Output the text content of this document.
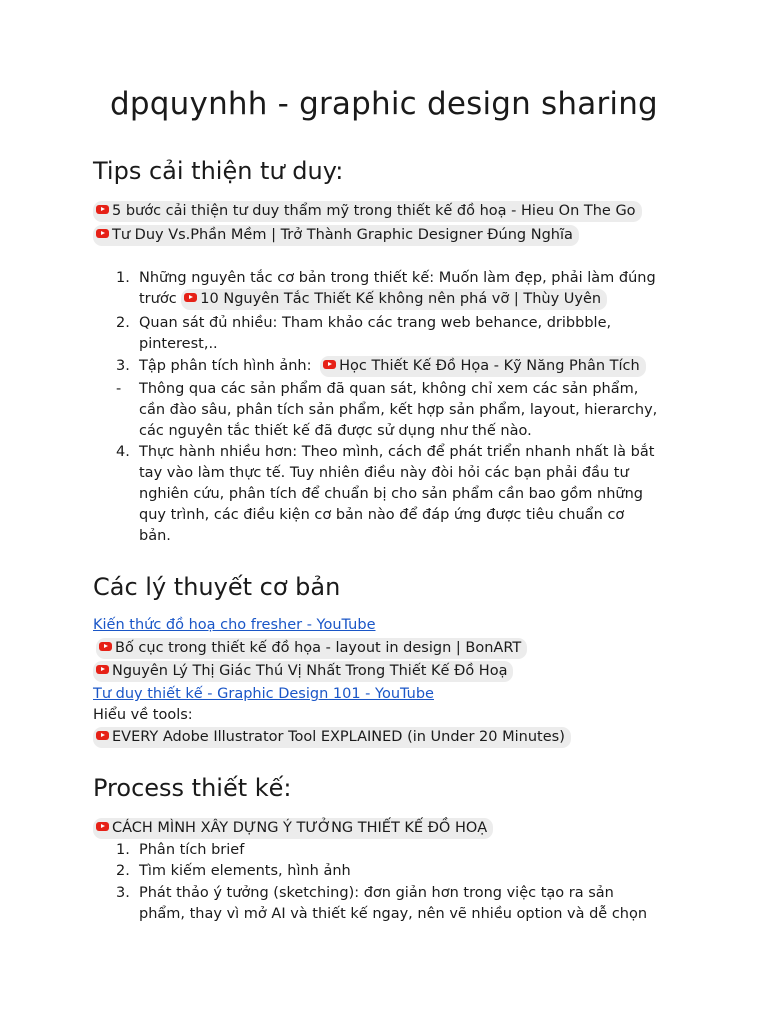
dpquynhh - graphic design sharing
Tips cải thiện tư duy:
5 bước cải thiện tư duy thẩm mỹ trong thiết kế đồ hoạ - Hieu On The Go
Tư Duy Vs.Phần Mềm | Trở Thành Graphic Designer Đúng Nghĩa
1. Những nguyên tắc cơ bản trong thiết kế: Muốn làm đẹp, phải làm đúng
trước 10 Nguyên Tắc Thiết Kế không nên phá vỡ | Thùy Uyên
2. Quan sát đủ nhiều: Tham khảo các trang web behance, dribbble,
pinterest,..
3. Tập phân tích hình ảnh: Học Thiết Kế Đồ Họa - Kỹ Năng Phân Tích
- Thông qua các sản phẩm đã quan sát, không chỉ xem các sản phẩm,
cần đào sâu, phân tích sản phẩm, kết hợp sản phẩm, layout, hierarchy,
các nguyên tắc thiết kế đã được sử dụng như thế nào.
4. Thực hành nhiều hơn: Theo mình, cách để phát triển nhanh nhất là bắt
tay vào làm thực tế. Tuy nhiên điều này đòi hỏi các bạn phải đầu tư
nghiên cứu, phân tích để chuẩn bị cho sản phẩm cần bao gồm những
quy trình, các điều kiện cơ bản nào để đáp ứng được tiêu chuẩn cơ
bản.
Các lý thuyết cơ bản
Kiến thức đồ hoạ cho fresher - YouTube
Bố cục trong thiết kế đồ họa - layout in design | BonART
Nguyên Lý Thị Giác Thú Vị Nhất Trong Thiết Kế Đồ Hoạ
Tư duy thiết kế - Graphic Design 101 - YouTube
Hiểu về tools:
EVERY Adobe Illustrator Tool EXPLAINED (in Under 20 Minutes)
Process thiết kế:
CÁCH MÌNH XÂY DỰNG Ý TƯỞNG THIẾT KẾ ĐỒ HOẠ
1. Phân tích brief
2. Tìm kiếm elements, hình ảnh
3. Phát thảo ý tưởng (sketching): đơn giản hơn trong việc tạo ra sản
phẩm, thay vì mở AI và thiết kế ngay, nên vẽ nhiều option và dễ chọn
